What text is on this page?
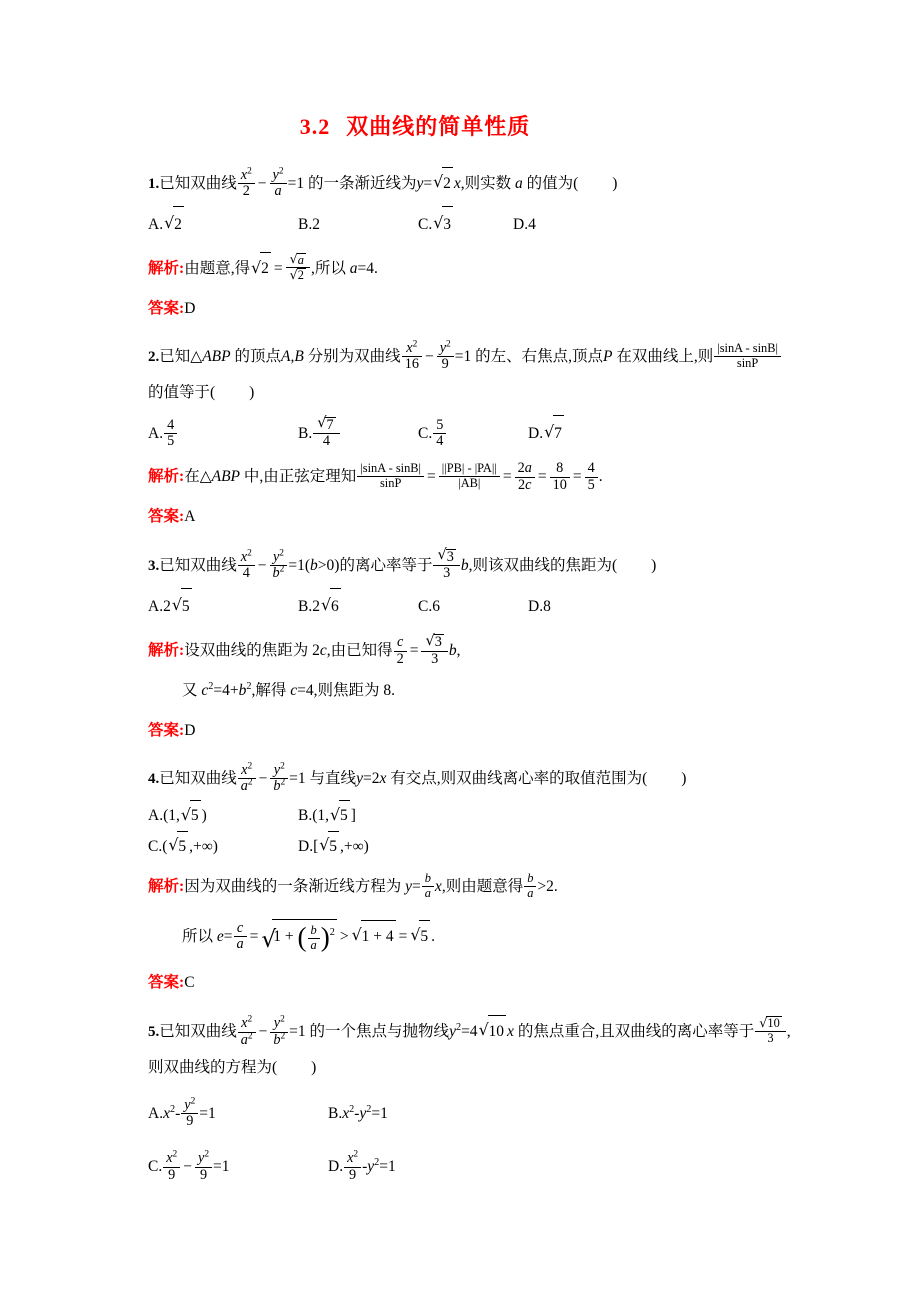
3.2 双曲线的简单性质
1.已知双曲线 $\frac{x^2}{2} - \frac{y^2}{a} =1$ 的一条渐近线为y= √ 2 x,则实数 a 的值为( )
A. √ 2	B.2	C. √ 3	D.4
解析:由题意,得 √ 2 = √ a
√ 2 ,所以 a=4.
答案:D
2.已知△ABP 的顶点A,B 分别为双曲线 $\frac{x^2}{16} - \frac{y^2}{9} =1$ 的左、右焦点,顶点P 在双曲线上,则 $\frac{|\sin A - \sin B|}{\sin P}$
的值等于( )
A. $\frac{4}{5}$	B. √ $\frac{7}{4}$	C. $\frac{5}{4}$	D. √ 7
解析:在△ABP 中,由正弦定理知 $\frac{|\sin A - \sin B|}{\sin P} = \frac{||PB| - |PA||}{|AB|} = \frac{2a}{2c} = \frac{8}{10} = \frac{4}{5}$ .
答案:A
3.已知双曲线 $\frac{x^2}{4} - \frac{y^2}{b^2} =1(b>0)$的离心率等于 √ $\frac{3}{3} b$,则该双曲线的焦距为( )
A.2 √ 5	B.2 √ 6	C.6	D.8
解析:设双曲线的焦距为 2c,由已知得 $\frac{c}{2}$ = √ $\frac{3}{3} b$,
又 $c^2=4+b^2$,解得 c=4,则焦距为 8.
答案:D
4.已知双曲线 $\frac{x^2}{a^2} - \frac{y^2}{b^2} =1$ 与直线y=2x 有交点,则双曲线离心率的取值范围为( )
A.(1, √ 5 )	B.(1, √ 5 ]
C.( √ 5 ,+∞)	D.[ √ 5 ,+∞)
解析:因为双曲线的一条渐近线方程为 $y= \frac{b}{a} x$,则由题意得 $\frac{b}{a} >2$.
所以 $e= \frac{c}{a}$ = √ 1 + ( $\frac{b}{a} )^2$ > √ 1 + 4 = √ 5 .
答案:C
5.已知双曲线 $\frac{x^2}{a^2} - \frac{y^2}{b^2} =1$ 的一个焦点与抛物线$y^2=4$ √ 10 x 的焦点重合,且双曲线的离心率等于 √ $\frac{10}{3}$ ,
则双曲线的方程为( )
$A.x^2- \frac{y^2}{9} =1$	$B.x^2-y^2=1$
C. $\frac{x^2}{9} - \frac{y^2}{9} =1$	D. $\frac{x^2}{9} -y^2=1$
